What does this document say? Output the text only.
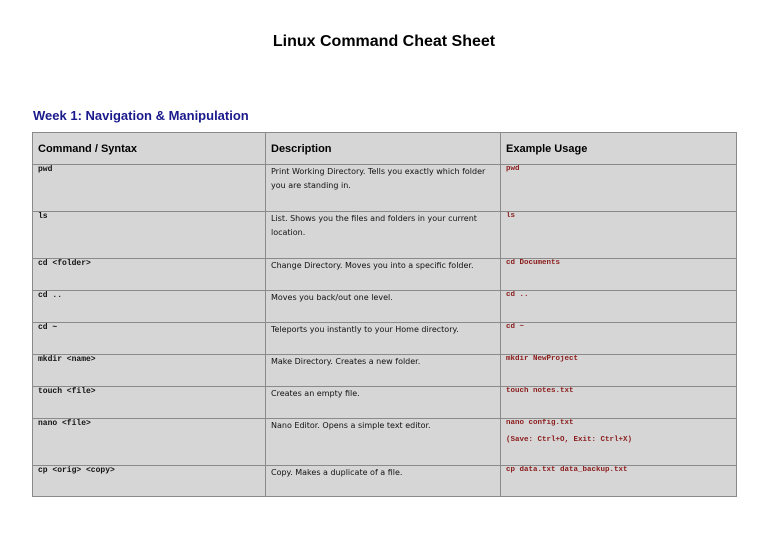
Linux Command Cheat Sheet
Week 1: Navigation & Manipulation
Command / Syntax	Description	Example Usage
pwd	Print Working Directory. Tells you exactly which folder you are standing in.	pwd
ls	List. Shows you the files and folders in your current location.	ls
cd <folder>	Change Directory. Moves you into a specific folder.	cd Documents
cd ..	Moves you back/out one level.	cd ..
cd ~	Teleports you instantly to your Home directory.	cd ~
mkdir <name>	Make Directory. Creates a new folder.	mkdir NewProject
touch <file>	Creates an empty file.	touch notes.txt
nano <file>	Nano Editor. Opens a simple text editor.	nano config.txt
(Save: Ctrl+O, Exit: Ctrl+X)

cp <orig> <copy>	Copy. Makes a duplicate of a file.	cp data.txt data_backup.txt
